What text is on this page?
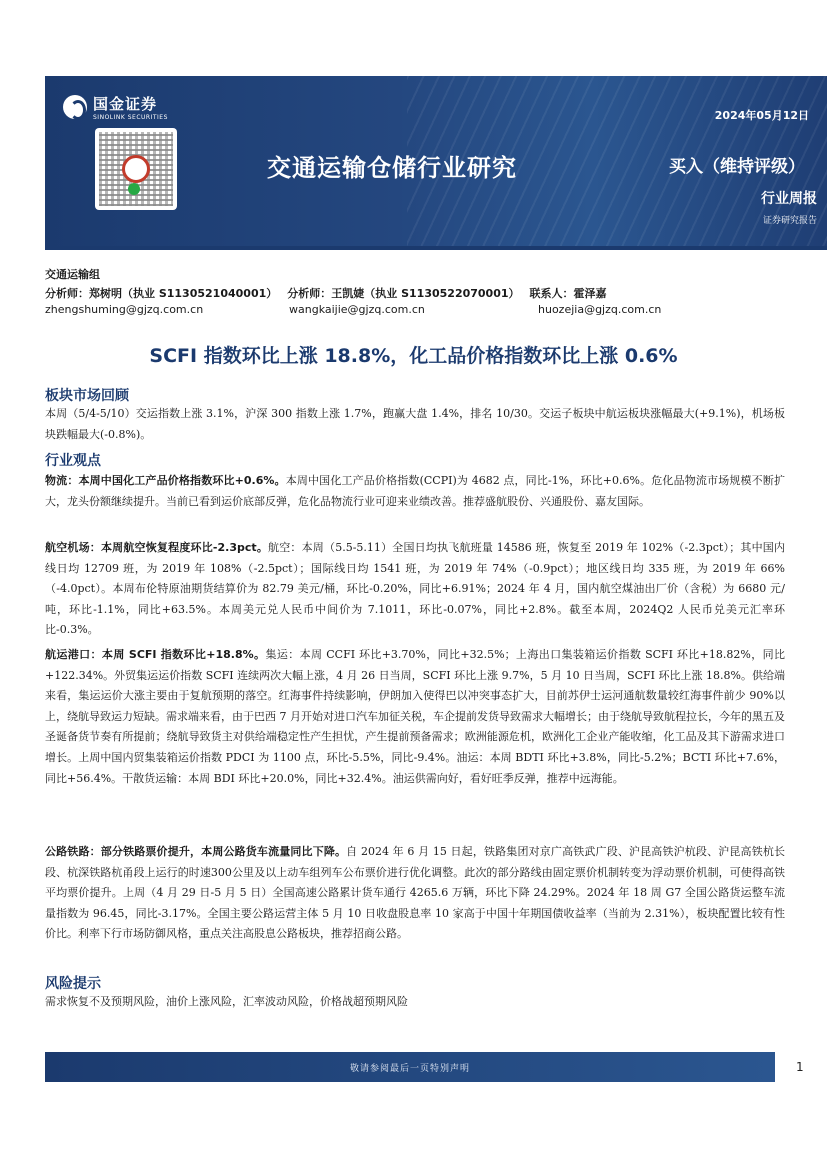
国金证券
SINOLINK SECURITIES	2024年05月12日
交通运输仓储行业研究	买入（维持评级）
行业周报
证券研究报告
交通运输组
分析师：郑树明（执业 S1130521040001） 分析师：王凯婕（执业 S1130522070001） 联系人：霍泽嘉
zhengshuming@gjzq.com.cn	wangkaijie@gjzq.com.cn	huozejia@gjzq.com.cn
SCFI 指数环比上涨 18.8%，化工品价格指数环比上涨 0.6%
板块市场回顾
本周（5/4-5/10）交运指数上涨 3.1%，沪深 300 指数上涨 1.7%，跑赢大盘 1.4%，排名 10/30。交运子板块中航运板块涨幅最大(+9.1%)，机场板块跌幅最大(-0.8%)。
行业观点
物流：本周中国化工产品价格指数环比+0.6%。本周中国化工产品价格指数(CCPI)为 4682 点，同比-1%，环比+0.6%。危化品物流市场规模不断扩大，龙头份额继续提升。当前已看到运价底部反弹，危化品物流行业可迎来业绩改善。推荐盛航股份、兴通股份、嘉友国际。
航空机场：本周航空恢复程度环比-2.3pct。航空：本周（5.5-5.11）全国日均执飞航班量 14586 班，恢复至 2019 年 102%（-2.3pct）；其中国内线日均 12709 班，为 2019 年 108%（-2.5pct）；国际线日均 1541 班，为 2019 年 74%（-0.9pct）；地区线日均 335 班，为 2019 年 66%（-4.0pct）。本周布伦特原油期货结算价为 82.79 美元/桶，环比-0.20%，同比+6.91%；2024 年 4 月，国内航空煤油出厂价（含税）为 6680 元/吨，环比-1.1%，同比+63.5%。本周美元兑人民币中间价为 7.1011，环比-0.07%，同比+2.8%。截至本周，2024Q2 人民币兑美元汇率环比-0.3%。
航运港口：本周 SCFI 指数环比+18.8%。集运：本周 CCFI 环比+3.70%，同比+32.5%；上海出口集装箱运价指数 SCFI 环比+18.82%，同比+122.34%。外贸集运运价指数 SCFI 连续两次大幅上涨，4 月 26 日当周，SCFI 环比上涨 9.7%，5 月 10 日当周，SCFI 环比上涨 18.8%。供给端来看，集运运价大涨主要由于复航预期的落空。红海事件持续影响，伊朗加入使得巴以冲突事态扩大，目前苏伊士运河通航数量较红海事件前少 90%以上，绕航导致运力短缺。需求端来看，由于巴西 7 月开始对进口汽车加征关税，车企提前发货导致需求大幅增长；由于绕航导致航程拉长，今年的黑五及圣诞备货节奏有所提前；绕航导致货主对供给端稳定性产生担忧，产生提前预备需求；欧洲能源危机，欧洲化工企业产能收缩，化工品及其下游需求进口增长。上周中国内贸集装箱运价指数 PDCI 为 1100 点，环比-5.5%，同比-9.4%。油运：本周 BDTI 环比+3.8%，同比-5.2%；BCTI 环比+7.6%，同比+56.4%。干散货运输：本周 BDI 环比+20.0%，同比+32.4%。油运供需向好，看好旺季反弹，推荐中远海能。
公路铁路：部分铁路票价提升，本周公路货车流量同比下降。自 2024 年 6 月 15 日起，铁路集团对京广高铁武广段、沪昆高铁沪杭段、沪昆高铁杭长段、杭深铁路杭甬段上运行的时速300公里及以上动车组列车公布票价进行优化调整。此次的部分路线由固定票价机制转变为浮动票价机制，可使得高铁平均票价提升。上周（4 月 29 日-5 月 5 日）全国高速公路累计货车通行 4265.6 万辆，环比下降 24.29%。2024 年 18 周 G7 全国公路货运整车流量指数为 96.45，同比-3.17%。全国主要公路运营主体 5 月 10 日收盘股息率 10 家高于中国十年期国债收益率（当前为 2.31%），板块配置比较有性价比。利率下行市场防御风格，重点关注高股息公路板块，推荐招商公路。
风险提示
需求恢复不及预期风险，油价上涨风险，汇率波动风险，价格战超预期风险
敬请参阅最后一页特别声明	1
